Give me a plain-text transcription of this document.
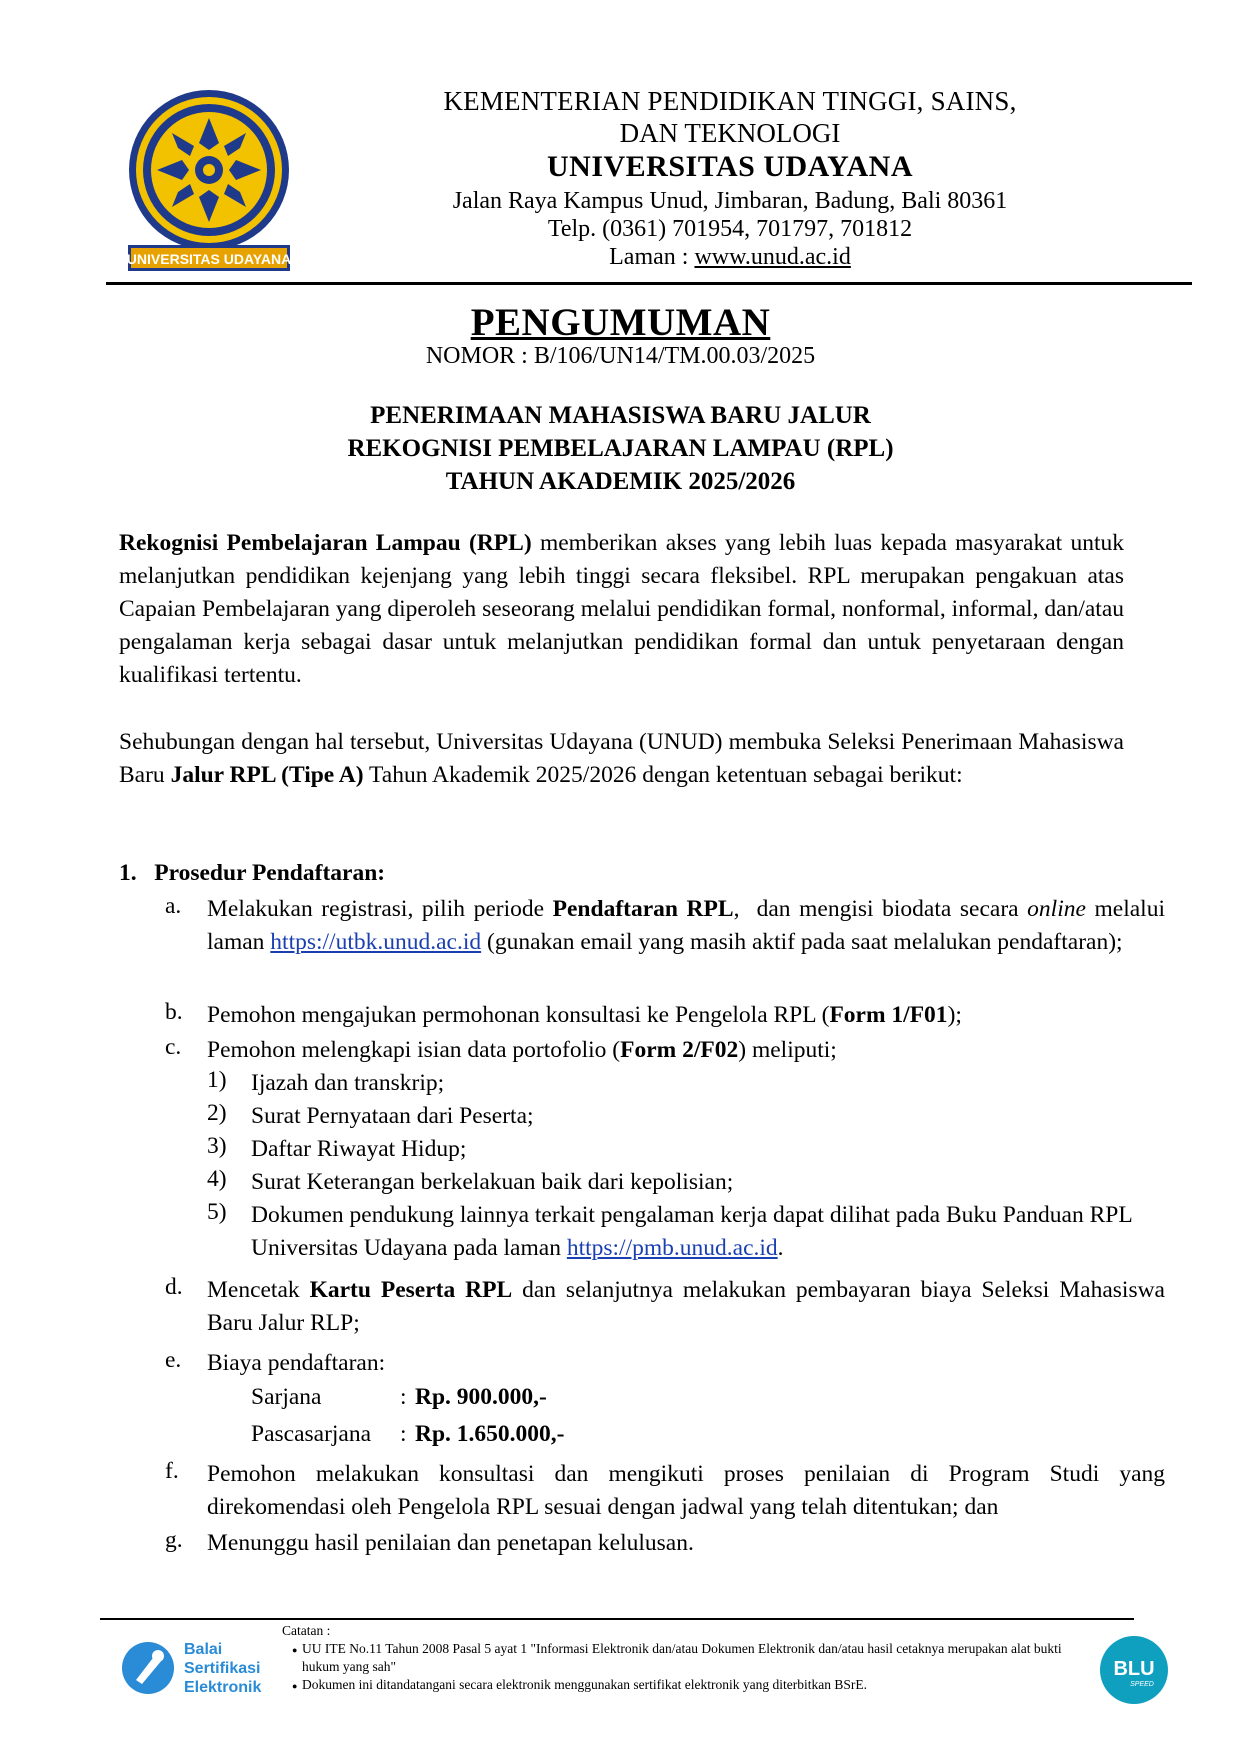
UNIVERSITAS UDAYANA
KEMENTERIAN PENDIDIKAN TINGGI, SAINS,
DAN TEKNOLOGI
UNIVERSITAS UDAYANA
Jalan Raya Kampus Unud, Jimbaran, Badung, Bali 80361
Telp. (0361) 701954, 701797, 701812
Laman : www.unud.ac.id
PENGUMUMAN
NOMOR : B/106/UN14/TM.00.03/2025
PENERIMAAN MAHASISWA BARU JALUR
REKOGNISI PEMBELAJARAN LAMPAU (RPL)
TAHUN AKADEMIK 2025/2026
Rekognisi Pembelajaran Lampau (RPL) memberikan akses yang lebih luas kepada masyarakat untuk melanjutkan pendidikan kejenjang yang lebih tinggi secara fleksibel. RPL merupakan pengakuan atas Capaian Pembelajaran yang diperoleh seseorang melalui pendidikan formal, nonformal, informal, dan/atau pengalaman kerja sebagai dasar untuk melanjutkan pendidikan formal dan untuk penyetaraan dengan kualifikasi tertentu.
Sehubungan dengan hal tersebut, Universitas Udayana (UNUD) membuka Seleksi Penerimaan Mahasiswa Baru Jalur RPL (Tipe A) Tahun Akademik 2025/2026 dengan ketentuan sebagai berikut:
1.   Prosedur Pendaftaran:
a. Melakukan registrasi, pilih periode Pendaftaran RPL,  dan mengisi biodata secara online melalui laman https://utbk.unud.ac.id (gunakan email yang masih aktif pada saat melalukan pendaftaran);
b. Pemohon mengajukan permohonan konsultasi ke Pengelola RPL (Form 1/F01);
c. Pemohon melengkapi isian data portofolio (Form 2/F02) meliputi;
1) Ijazah dan transkrip;
2) Surat Pernyataan dari Peserta;
3) Daftar Riwayat Hidup;
4) Surat Keterangan berkelakuan baik dari kepolisian;
5) Dokumen pendukung lainnya terkait pengalaman kerja dapat dilihat pada Buku Panduan RPL Universitas Udayana pada laman https://pmb.unud.ac.id.
d. Mencetak Kartu Peserta RPL dan selanjutnya melakukan pembayaran biaya Seleksi Mahasiswa Baru Jalur RLP;
e. Biaya pendaftaran:
Sarjana	: Rp. 900.000,-
Pascasarjana : Rp. 1.650.000,-
f. Pemohon melakukan konsultasi dan mengikuti proses penilaian di Program Studi yang direkomendasi oleh Pengelola RPL sesuai dengan jadwal yang telah ditentukan; dan
g. Menunggu hasil penilaian dan penetapan kelulusan.
Balai
Sertifikasi
Elektronik
Catatan :
● UU ITE No.11 Tahun 2008 Pasal 5 ayat 1 "Informasi Elektronik dan/atau Dokumen Elektronik dan/atau hasil cetaknya merupakan alat bukti hukum yang sah"
● Dokumen ini ditandatangani secara elektronik menggunakan sertifikat elektronik yang diterbitkan BSrE.
BLU
SPEED
